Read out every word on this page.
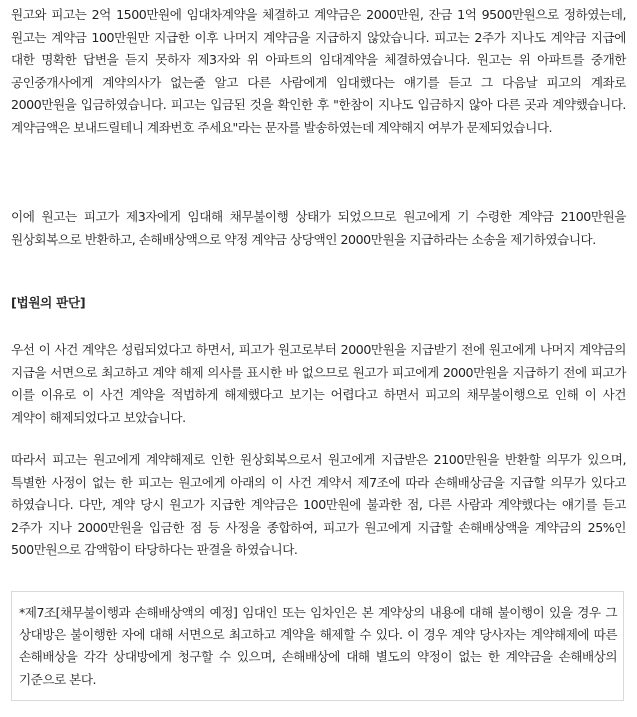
원고와 피고는 2억 1500만원에 임대차계약을 체결하고 계약금은 2000만원, 잔금 1억 9500만원으로 정하였는데, 원고는 계약금 100만원만 지급한 이후 나머지 계약금을 지급하지 않았습니다. 피고는 2주가 지나도 계약금 지급에 대한 명확한 답변을 듣지 못하자 제3자와 위 아파트의 임대계약을 체결하였습니다. 원고는 위 아파트를 중개한 공인중개사에게 계약의사가 없는줄 알고 다른 사람에게 임대했다는 얘기를 듣고 그 다음날 피고의 계좌로 2000만원을 입금하였습니다. 피고는 입금된 것을 확인한 후 "한참이 지나도 입금하지 않아 다른 곳과 계약했습니다. 계약금액은 보내드릴테니 계좌번호 주세요"라는 문자를 발송하였는데 계약해지 여부가 문제되었습니다.

이에 원고는 피고가 제3자에게 임대해 채무불이행 상태가 되었으므로 원고에게 기 수령한 계약금 2100만원을 원상회복으로 반환하고, 손해배상액으로 약정 계약금 상당액인 2000만원을 지급하라는 소송을 제기하였습니다.

[법원의 판단]

우선 이 사건 계약은 성립되었다고 하면서, 피고가 원고로부터 2000만원을 지급받기 전에 원고에게 나머지 계약금의 지급을 서면으로 최고하고 계약 해제 의사를 표시한 바 없으므로 원고가 피고에게 2000만원을 지급하기 전에 피고가 이를 이유로 이 사건 계약을 적법하게 해제했다고 보기는 어렵다고 하면서 피고의 채무불이행으로 인해 이 사건 계약이 해제되었다고 보았습니다.

따라서 피고는 원고에게 계약해제로 인한 원상회복으로서 원고에게 지급받은 2100만원을 반환할 의무가 있으며, 특별한 사정이 없는 한 피고는 원고에게 아래의 이 사건 계약서 제7조에 따라 손해배상금을 지급할 의무가 있다고 하였습니다. 다만, 계약 당시 원고가 지급한 계약금은 100만원에 불과한 점, 다른 사람과 계약했다는 얘기를 듣고 2주가 지나 2000만원을 입금한 점 등 사정을 종합하여, 피고가 원고에게 지급할 손해배상액을 계약금의 25%인 500만원으로 감액함이 타당하다는 판결을 하였습니다.

*제7조[채무불이행과 손해배상액의 예정] 임대인 또는 임차인은 본 계약상의 내용에 대해 불이행이 있을 경우 그 상대방은 불이행한 자에 대해 서면으로 최고하고 계약을 해제할 수 있다. 이 경우 계약 당사자는 계약해제에 따른 손해배상을 각각 상대방에게 청구할 수 있으며, 손해배상에 대해 별도의 약정이 없는 한 계약금을 손해배상의 기준으로 본다.
